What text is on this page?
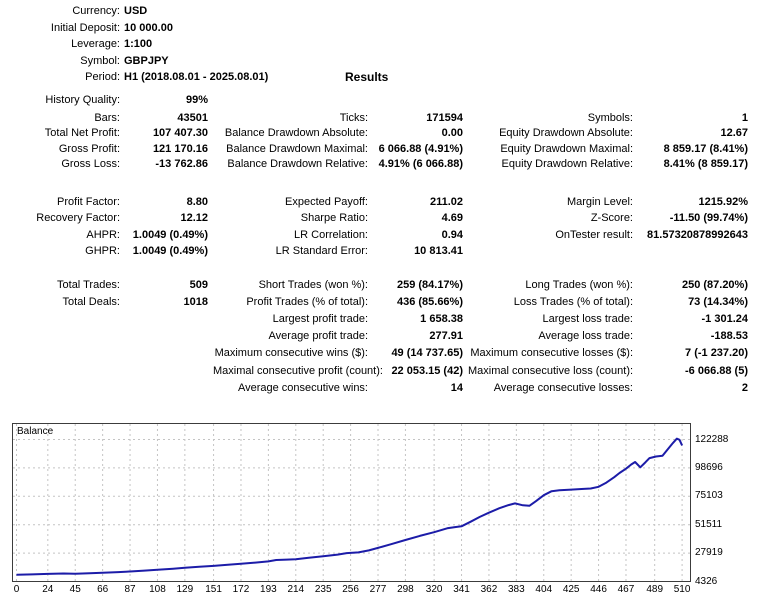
Currency: USD
Initial Deposit: 10 000.00
Leverage: 1:100
Symbol: GBPJPY
Period: H1 (2018.08.01 - 2025.08.01)
History Quality:	99%
Bars:	43501	Ticks:	171594	Symbols:	1
Total Net Profit:	107 407.30	Balance Drawdown Absolute:	0.00	Equity Drawdown Absolute:	12.67
Gross Profit:	121 170.16	Balance Drawdown Maximal: 6 066.88 (4.91%)	Equity Drawdown Maximal:	8 859.17 (8.41%)
Gross Loss:	-13 762.86	Balance Drawdown Relative: 4.91% (6 066.88)	Equity Drawdown Relative:	8.41% (8 859.17)
Profit Factor:	8.80	Expected Payoff:	211.02	Margin Level:	1215.92%
Recovery Factor:	12.12	Sharpe Ratio:	4.69	Z-Score:	-11.50 (99.74%)
AHPR:	1.0049 (0.49%)	LR Correlation:	0.94	OnTester result:	81.57320878992643
GHPR:	1.0049 (0.49%)	LR Standard Error:	10 813.41
Total Trades:	509	Short Trades (won %):	259 (84.17%)	Long Trades (won %):	250 (87.20%)
Total Deals:	1018	Profit Trades (% of total):	436 (85.66%)	Loss Trades (% of total):	73 (14.34%)
Largest profit trade:	1 658.38	Largest loss trade:	-1 301.24
Average profit trade:	277.91	Average loss trade:	-188.53
Maximum consecutive wins ($):	49 (14 737.65) Maximum consecutive losses ($):	7 (-1 237.20)
Maximal consecutive profit (count): 22 053.15 (42) Maximal consecutive loss (count):	-6 066.88 (5)
Average consecutive wins:	14	Average consecutive losses:	2
Results
Balance
0	24	45	66	87	108	129	151	172	193	214	235	256	277	298	320	341	362	383	404	425	446	467	489	510
122288
98696
75103
51511
27919
4326
